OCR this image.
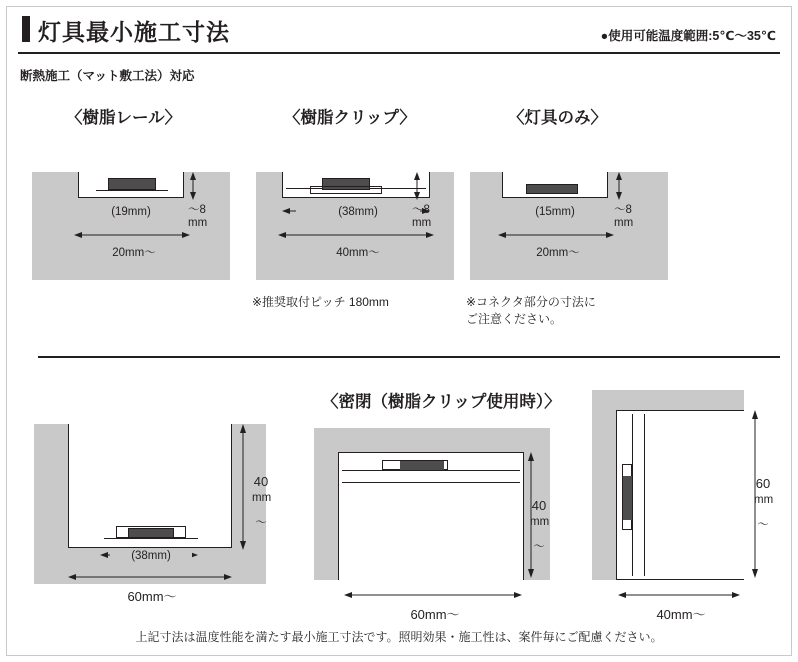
灯具最小施工寸法	●使用可能温度範囲:5℃～35℃
断熱施工（マット敷工法）対応
〈樹脂レール〉	〈樹脂クリップ〉	〈灯具のみ〉
(19mm)
20mm～
～8
mm
(38mm)
40mm～
～8
mm
※推奨取付ピッチ 180mm
(15mm)
20mm～
～8
mm
※コネクタ部分の寸法に
ご注意ください。
〈密閉（樹脂クリップ使用時）〉
40
mm
～
(38mm)
60mm～
40
mm
～
60mm～
60
mm
～
40mm～
上記寸法は温度性能を満たす最小施工寸法です。照明効果・施工性は、案件毎にご配慮ください。
